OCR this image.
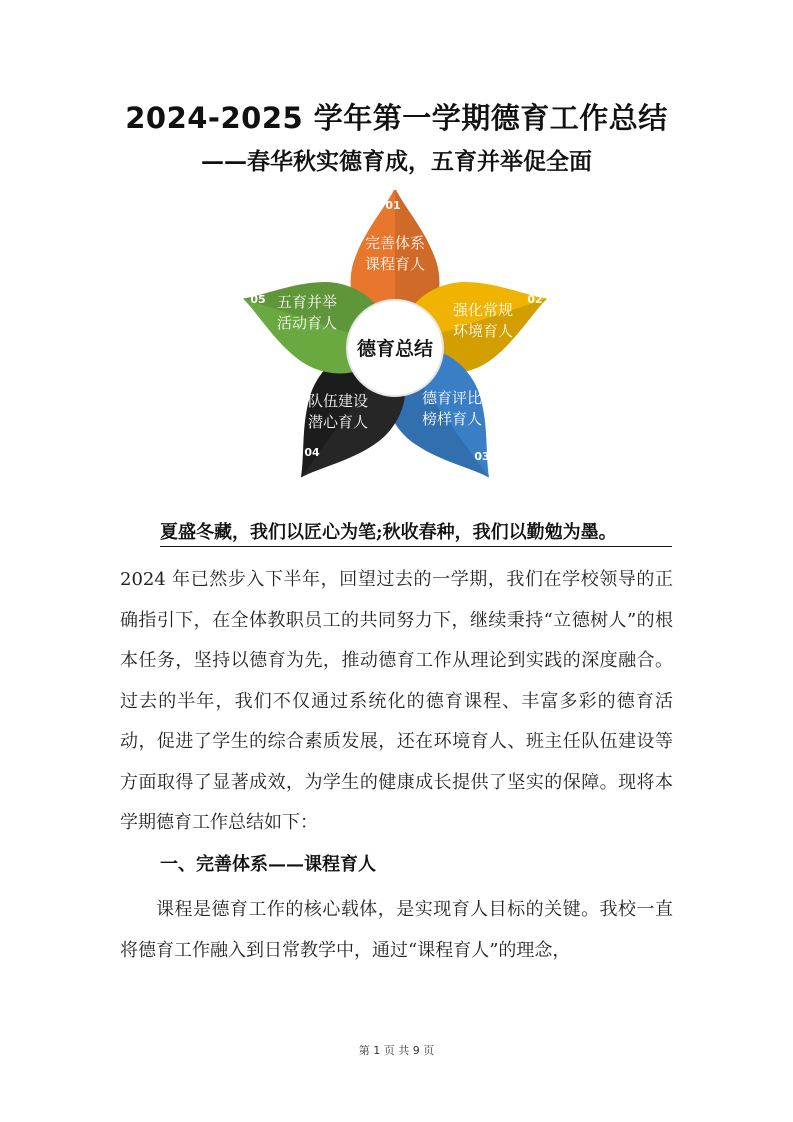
2024-2025 学年第一学期德育工作总结
——春华秋实德育成，五育并举促全面
德育总结
01
完善体系
课程育人
02
强化常规
环境育人
03
德育评比
榜样育人
04
队伍建设
潜心育人
05 五育并举
活动育人

夏盛冬藏，我们以匠心为笔;秋收春种，我们以勤勉为墨。

2024 年已然步入下半年，回望过去的一学期，我们在学校领导的正确指引下，在全体教职员工的共同努力下，继续秉持“立德树人”的根本任务，坚持以德育为先，推动德育工作从理论到实践的深度融合。过去的半年，我们不仅通过系统化的德育课程、丰富多彩的德育活动，促进了学生的综合素质发展，还在环境育人、班主任队伍建设等方面取得了显著成效，为学生的健康成长提供了坚实的保障。现将本学期德育工作总结如下：

一、完善体系——课程育人

课程是德育工作的核心载体，是实现育人目标的关键。我校一直将德育工作融入到日常教学中，通过“课程育人”的理念，

第 1 页 共 9 页
